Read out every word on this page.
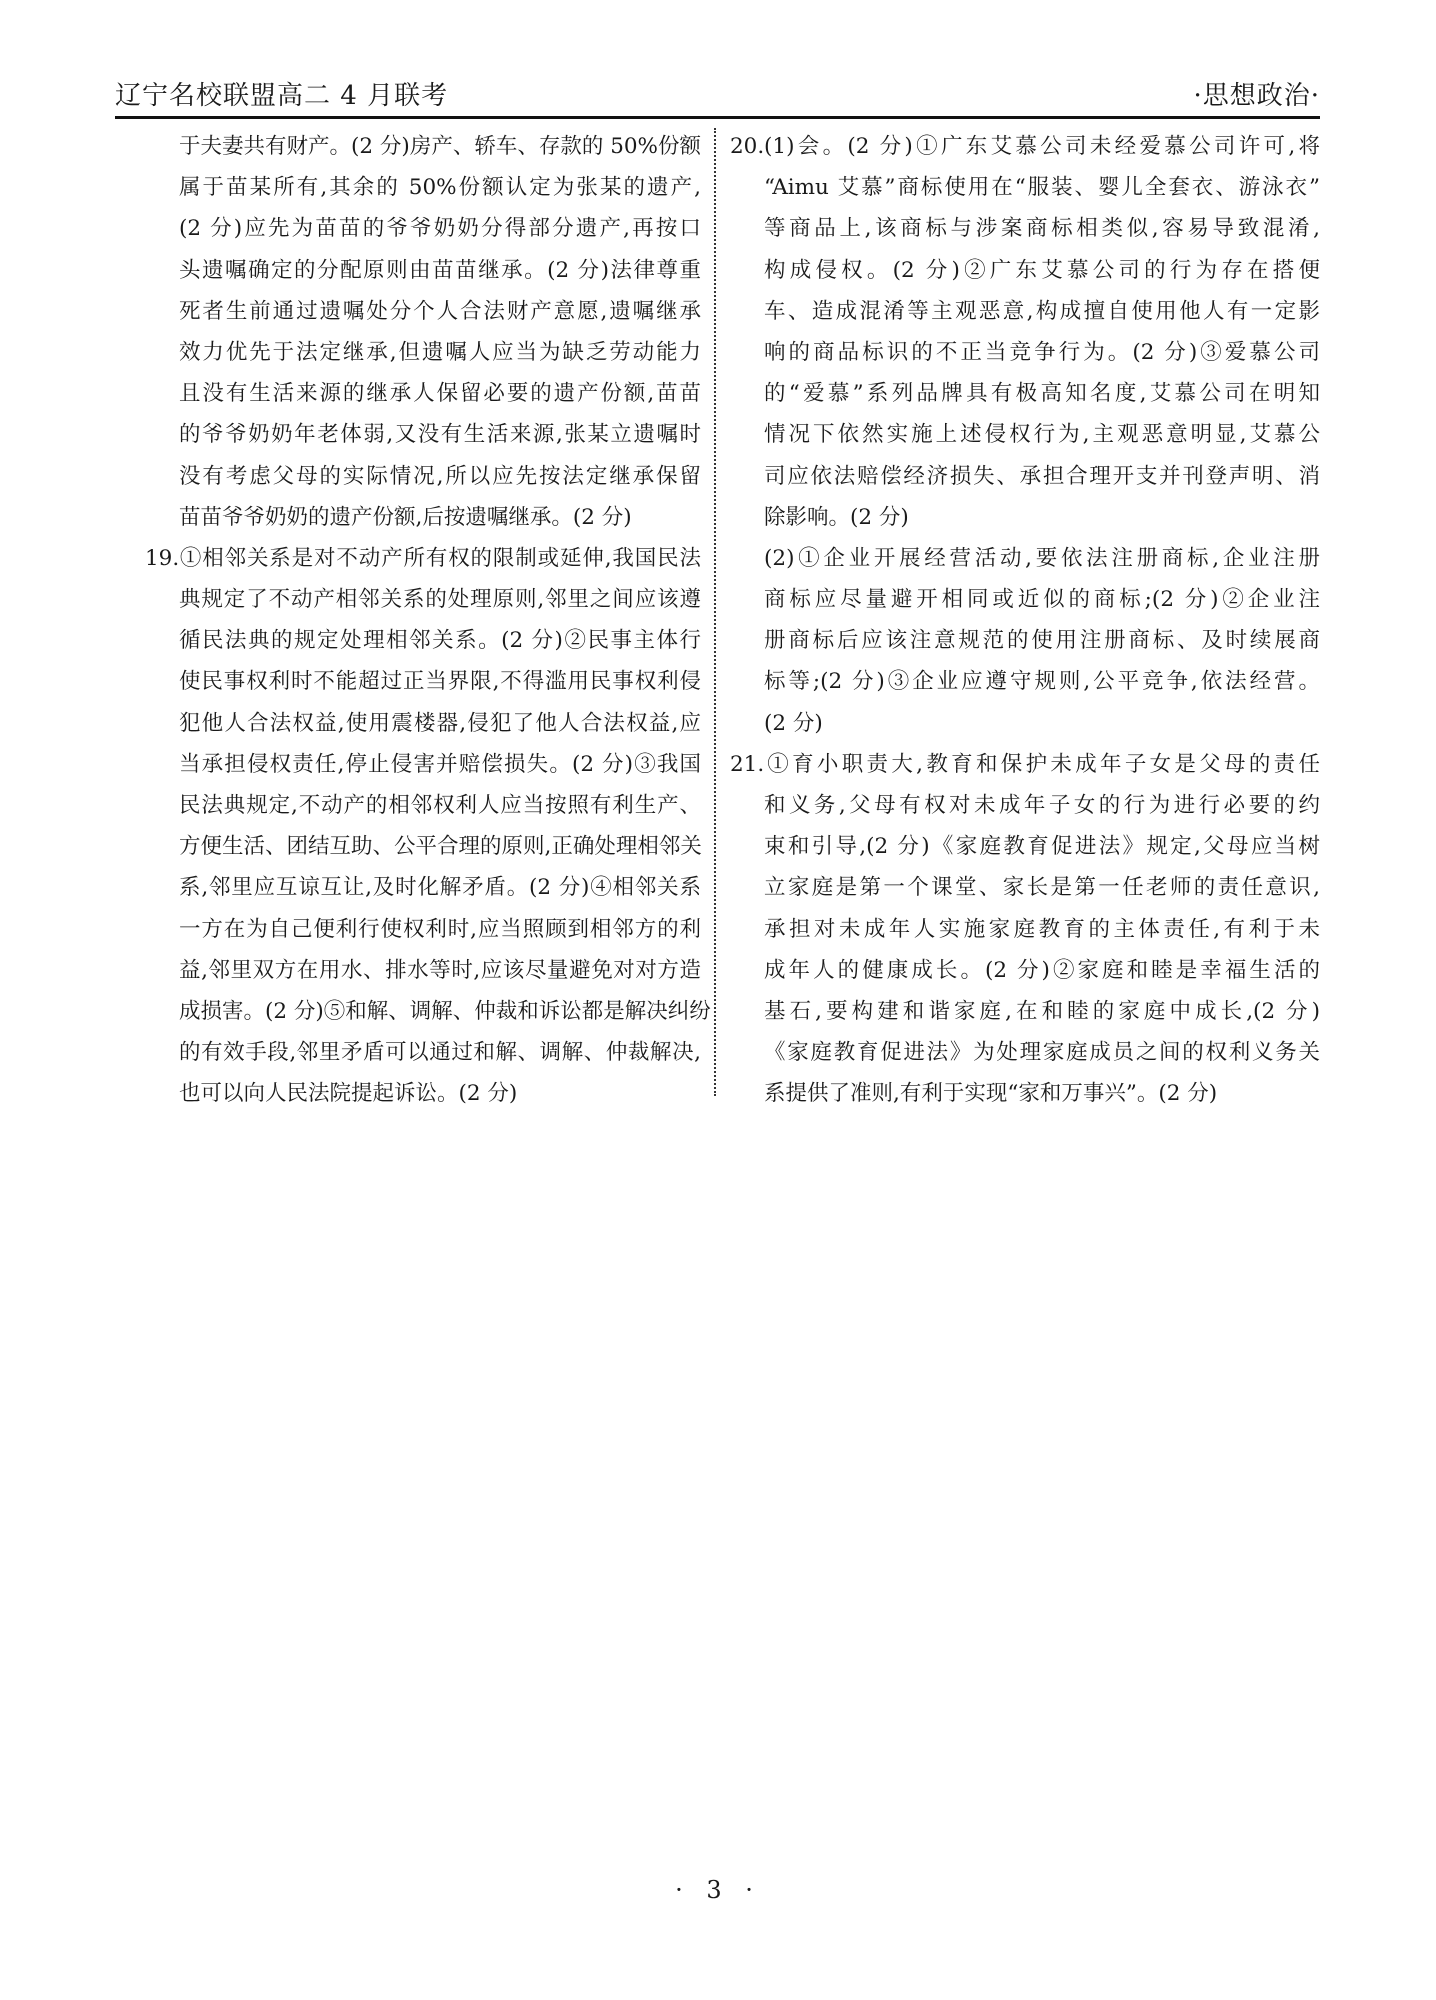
辽宁名校联盟高二 4 月联考	·思想政治·
于夫妻共有财产。(2 分)房产、轿车、存款的 50%份额
属于苗某所有,其余的 50%份额认定为张某的遗产,
(2 分)应先为苗苗的爷爷奶奶分得部分遗产,再按口
头遗嘱确定的分配原则由苗苗继承。(2 分)法律尊重
死者生前通过遗嘱处分个人合法财产意愿,遗嘱继承
效力优先于法定继承,但遗嘱人应当为缺乏劳动能力
且没有生活来源的继承人保留必要的遗产份额,苗苗
的爷爷奶奶年老体弱,又没有生活来源,张某立遗嘱时
没有考虑父母的实际情况,所以应先按法定继承保留
苗苗爷爷奶奶的遗产份额,后按遗嘱继承。(2 分)
19.①相邻关系是对不动产所有权的限制或延伸,我国民法
典规定了不动产相邻关系的处理原则,邻里之间应该遵
循民法典的规定处理相邻关系。(2 分)②民事主体行
使民事权利时不能超过正当界限,不得滥用民事权利侵
犯他人合法权益,使用震楼器,侵犯了他人合法权益,应
当承担侵权责任,停止侵害并赔偿损失。(2 分)③我国
民法典规定,不动产的相邻权利人应当按照有利生产、
方便生活、团结互助、公平合理的原则,正确处理相邻关
系,邻里应互谅互让,及时化解矛盾。(2 分)④相邻关系
一方在为自己便利行使权利时,应当照顾到相邻方的利
益,邻里双方在用水、排水等时,应该尽量避免对对方造
成损害。(2 分)⑤和解、调解、仲裁和诉讼都是解决纠纷
的有效手段,邻里矛盾可以通过和解、调解、仲裁解决,
也可以向人民法院提起诉讼。(2 分)
20.(1)会。(2 分)①广东艾慕公司未经爱慕公司许可,将
“Aimu 艾慕”商标使用在“服装、婴儿全套衣、游泳衣”
等商品上,该商标与涉案商标相类似,容易导致混淆,
构成侵权。(2 分)②广东艾慕公司的行为存在搭便
车、造成混淆等主观恶意,构成擅自使用他人有一定影
响的商品标识的不正当竞争行为。(2 分)③爱慕公司
的“爱慕”系列品牌具有极高知名度,艾慕公司在明知
情况下依然实施上述侵权行为,主观恶意明显,艾慕公
司应依法赔偿经济损失、承担合理开支并刊登声明、消
除影响。(2 分)
(2)①企业开展经营活动,要依法注册商标,企业注册
商标应尽量避开相同或近似的商标;(2 分)②企业注
册商标后应该注意规范的使用注册商标、及时续展商
标等;(2 分)③企业应遵守规则,公平竞争,依法经营。
(2 分)
21.①育小职责大,教育和保护未成年子女是父母的责任
和义务,父母有权对未成年子女的行为进行必要的约
束和引导,(2 分)《家庭教育促进法》规定,父母应当树
立家庭是第一个课堂、家长是第一任老师的责任意识,
承担对未成年人实施家庭教育的主体责任,有利于未
成年人的健康成长。(2 分)②家庭和睦是幸福生活的
基石,要构建和谐家庭,在和睦的家庭中成长,(2 分)
《家庭教育促进法》为处理家庭成员之间的权利义务关
系提供了准则,有利于实现“家和万事兴”。(2 分)
· 3 ·
